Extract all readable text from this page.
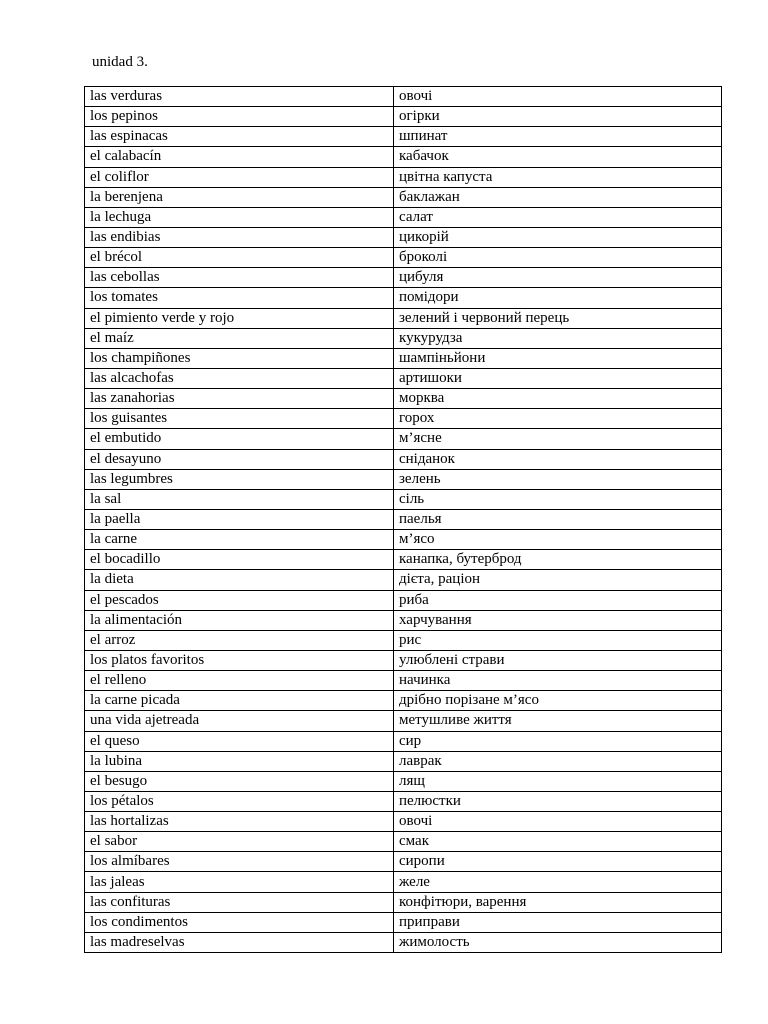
unidad 3.
las verduras	овочі
los pepinos	огірки
las espinacas	шпинат
el calabacín	кабачок
el coliflor	цвітна капуста
la berenjena	баклажан
la lechuga	салат
las endibias	цикорій
el brécol	броколі
las cebollas	цибуля
los tomates	помідори
el pimiento verde y rojo	зелений і червоний перець
el maíz	кукурудза
los champiñones	шампіньйони
las alcachofas	артишоки
las zanahorias	морква
los guisantes	горох
el embutido	м’ясне
el desayuno	сніданок
las legumbres	зелень
la sal	сіль
la paella	паелья
la carne	м’ясо
el bocadillo	канапка, бутерброд
la dieta	дієта, раціон
el pescados	риба
la alimentación	харчування
el arroz	рис
los platos favoritos	улюблені страви
el relleno	начинка
la carne picada	дрібно порізане м’ясо
una vida ajetreada	метушливе життя
el queso	сир
la lubina	лаврак
el besugo	лящ
los pétalos	пелюстки
las hortalizas	овочі
el sabor	смак
los almíbares	сиропи
las jaleas	желе
las confituras	конфітюри, варення
los condimentos	приправи
las madreselvas	жимолость
